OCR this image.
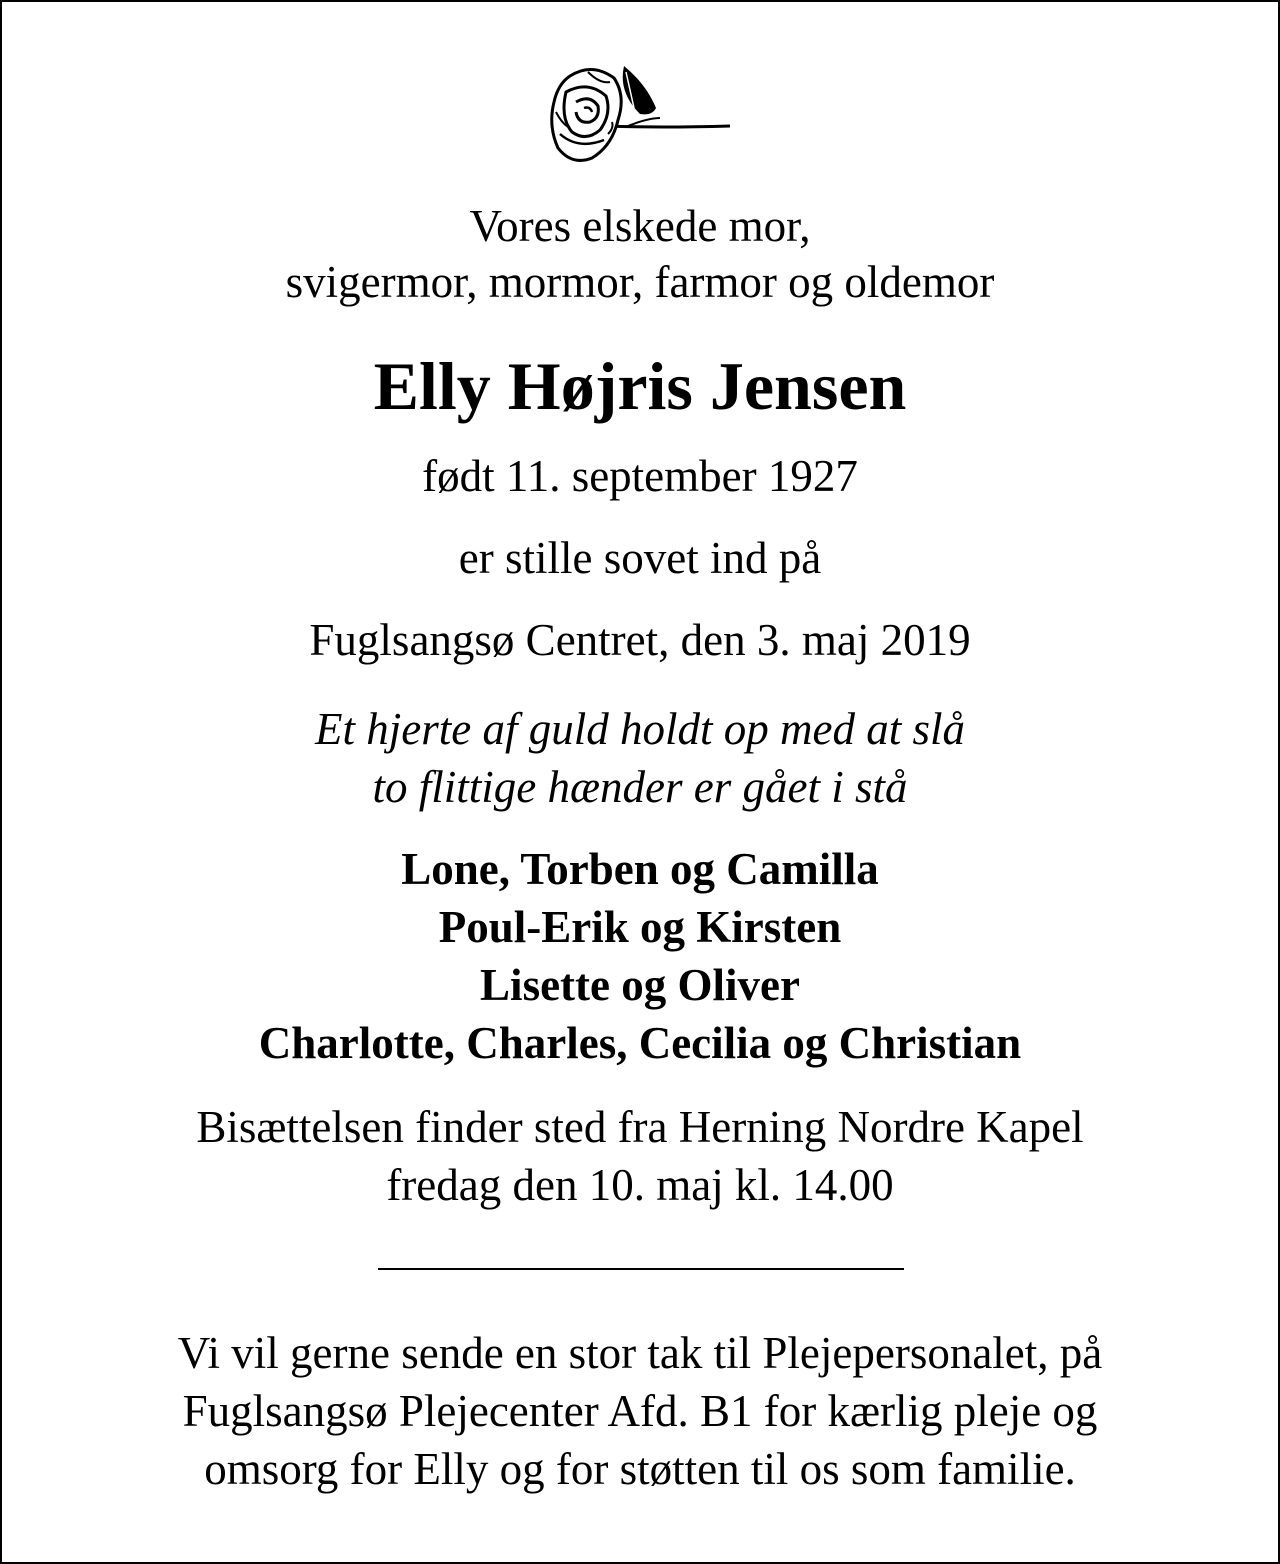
Vores elskede mor,
svigermor, mormor, farmor og oldemor
Elly Højris Jensen
født 11. september 1927
er stille sovet ind på
Fuglsangsø Centret, den 3. maj 2019
Et hjerte af guld holdt op med at slå
to flittige hænder er gået i stå
Lone, Torben og Camilla
Poul-Erik og Kirsten
Lisette og Oliver
Charlotte, Charles, Cecilia og Christian
Bisættelsen finder sted fra Herning Nordre Kapel
fredag den 10. maj kl. 14.00
Vi vil gerne sende en stor tak til Plejepersonalet, på
Fuglsangsø Plejecenter Afd. B1 for kærlig pleje og
omsorg for Elly og for støtten til os som familie.
